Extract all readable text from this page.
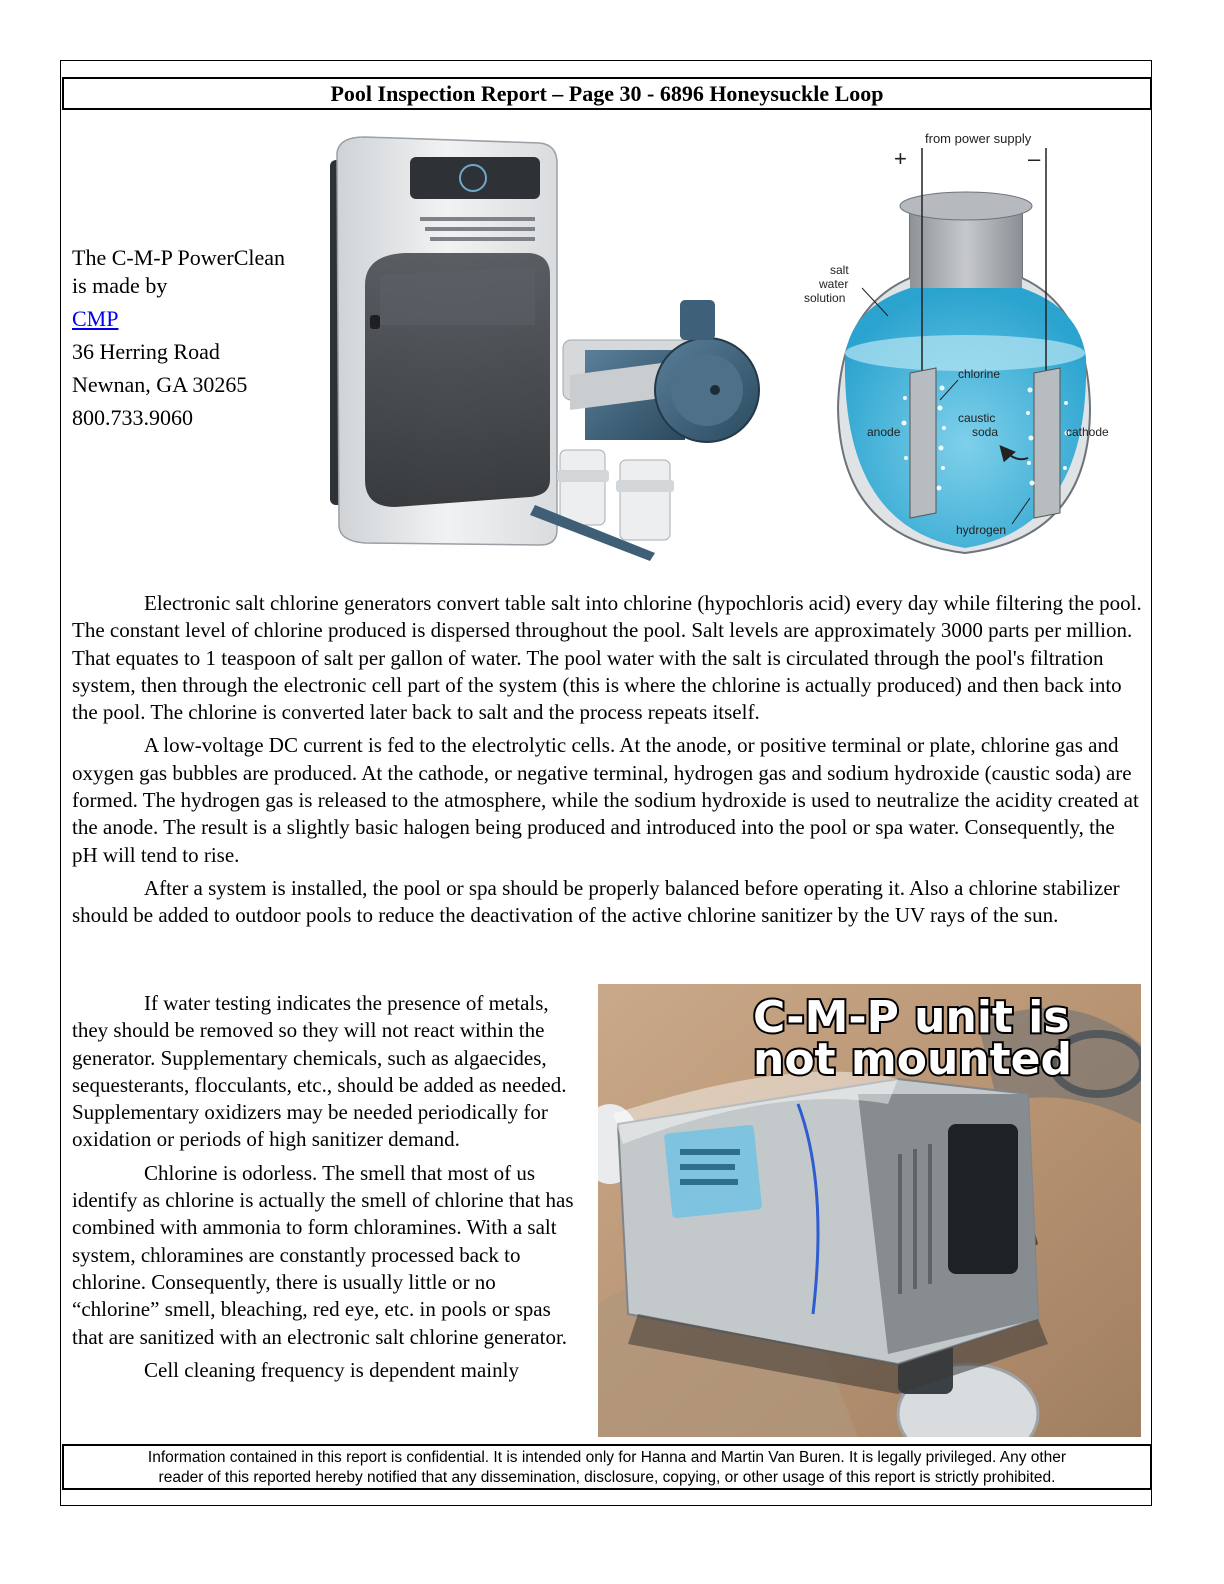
Pool Inspection Report – Page 30 - 6896 Honeysuckle Loop
The C-M-P PowerClean is made by
CMP
36 Herring Road
Newnan, GA 30265
800.733.9060
from power supply
+	–
salt
water
solution
chlorine
caustic
soda
anode	cathode
hydrogen

Electronic salt chlorine generators convert table salt into chlorine (hypochloris acid) every day while filtering the pool. The constant level of chlorine produced is dispersed throughout the pool. Salt levels are approximately 3000 parts per million. That equates to 1 teaspoon of salt per gallon of water. The pool water with the salt is circulated through the pool's filtration system, then through the electronic cell part of the system (this is where the chlorine is actually produced) and then back into the pool. The chlorine is converted later back to salt and the process repeats itself.

A low-voltage DC current is fed to the electrolytic cells. At the anode, or positive terminal or plate, chlorine gas and oxygen gas bubbles are produced. At the cathode, or negative terminal, hydrogen gas and sodium hydroxide (caustic soda) are formed. The hydrogen gas is released to the atmosphere, while the sodium hydroxide is used to neutralize the acidity created at the anode. The result is a slightly basic halogen being produced and introduced into the pool or spa water. Consequently, the pH will tend to rise.

After a system is installed, the pool or spa should be properly balanced before operating it. Also a chlorine stabilizer should be added to outdoor pools to reduce the deactivation of the active chlorine sanitizer by the UV rays of the sun.

If water testing indicates the presence of metals, they should be removed so they will not react within the generator. Supplementary chemicals, such as algaecides, sequesterants, flocculants, etc., should be added as needed. Supplementary oxidizers may be needed periodically for oxidation or periods of high sanitizer demand.

Chlorine is odorless. The smell that most of us identify as chlorine is actually the smell of chlorine that has combined with ammonia to form chloramines. With a salt system, chloramines are constantly processed back to chlorine. Consequently, there is usually little or no “chlorine” smell, bleaching, red eye, etc. in pools or spas that are sanitized with an electronic salt chlorine generator.

Cell cleaning frequency is dependent mainly

C-M-P unit is
not mounted
Information contained in this report is confidential. It is intended only for Hanna and Martin Van Buren. It is legally privileged. Any other
reader of this reported hereby notified that any dissemination, disclosure, copying, or other usage of this report is strictly prohibited.
